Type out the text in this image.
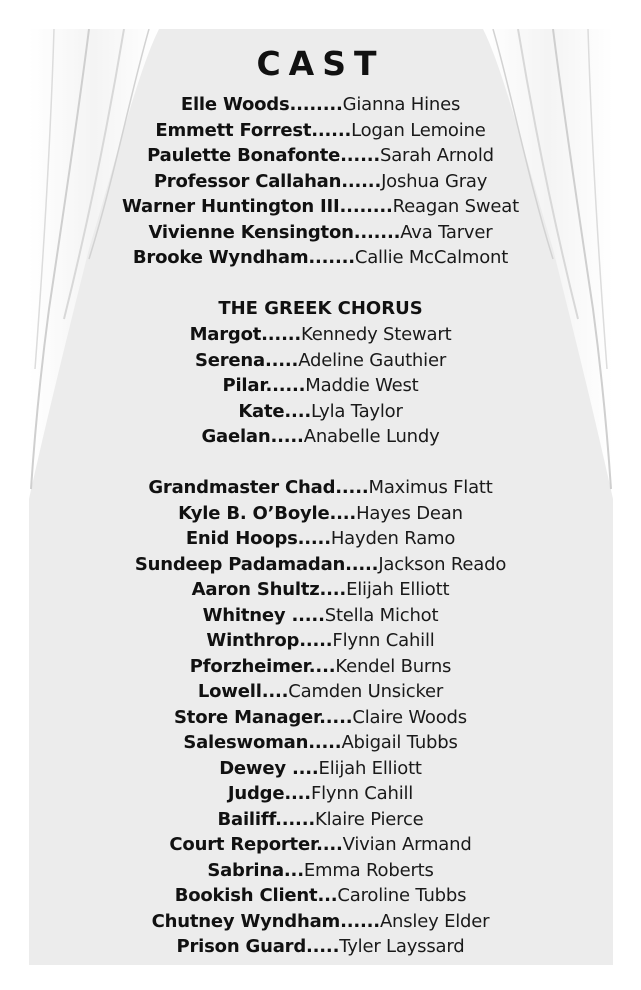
CAST
Elle Woods........Gianna Hines
Emmett Forrest......Logan Lemoine
Paulette Bonafonte......Sarah Arnold
Professor Callahan......Joshua Gray
Warner Huntington III........Reagan Sweat
Vivienne Kensington.......Ava Tarver
Brooke Wyndham.......Callie McCalmont
THE GREEK CHORUS
Margot......Kennedy Stewart
Serena.....Adeline Gauthier
Pilar......Maddie West
Kate....Lyla Taylor
Gaelan.....Anabelle Lundy
Grandmaster Chad.....Maximus Flatt
Kyle B. O’Boyle....Hayes Dean
Enid Hoops.....Hayden Ramo
Sundeep Padamadan.....Jackson Reado
Aaron Shultz....Elijah Elliott
Whitney .....Stella Michot
Winthrop.....Flynn Cahill
Pforzheimer....Kendel Burns
Lowell....Camden Unsicker
Store Manager.....Claire Woods
Saleswoman.....Abigail Tubbs
Dewey ....Elijah Elliott
Judge....Flynn Cahill
Bailiff......Klaire Pierce
Court Reporter....Vivian Armand
Sabrina...Emma Roberts
Bookish Client...Caroline Tubbs
Chutney Wyndham......Ansley Elder
Prison Guard.....Tyler Layssard
